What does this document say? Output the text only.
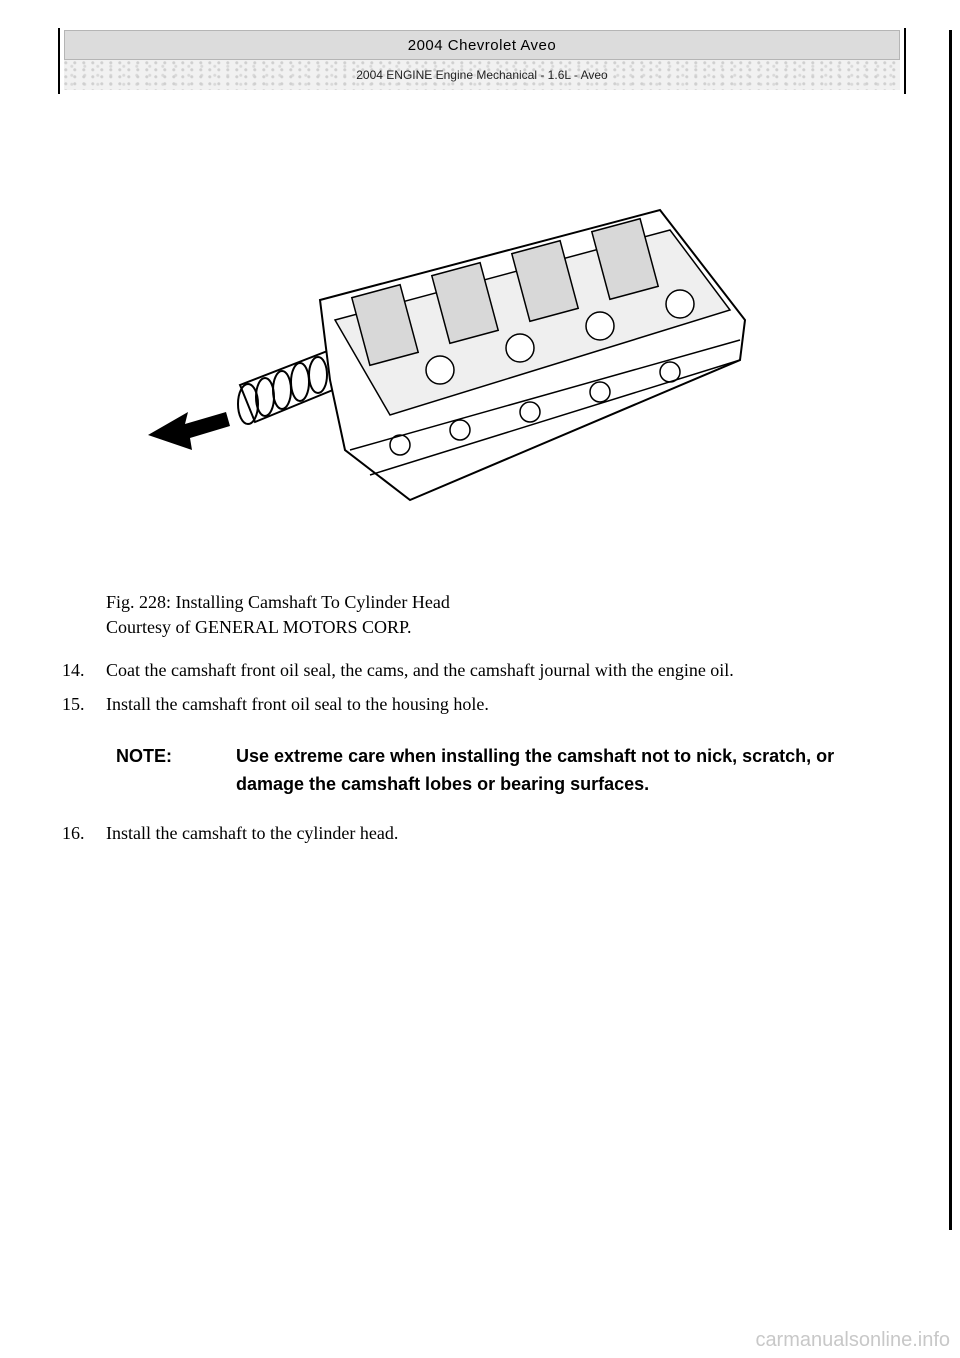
2004 Chevrolet Aveo
2004 ENGINE Engine Mechanical - 1.6L - Aveo
Fig. 228: Installing Camshaft To Cylinder Head
Courtesy of GENERAL MOTORS CORP.
14. Coat the camshaft front oil seal, the cams, and the camshaft journal with the engine oil.
15. Install the camshaft front oil seal to the housing hole.
NOTE:	Use extreme care when installing the camshaft not to nick, scratch, or damage the camshaft lobes or bearing surfaces.
16. Install the camshaft to the cylinder head.
carmanualsonline.info
